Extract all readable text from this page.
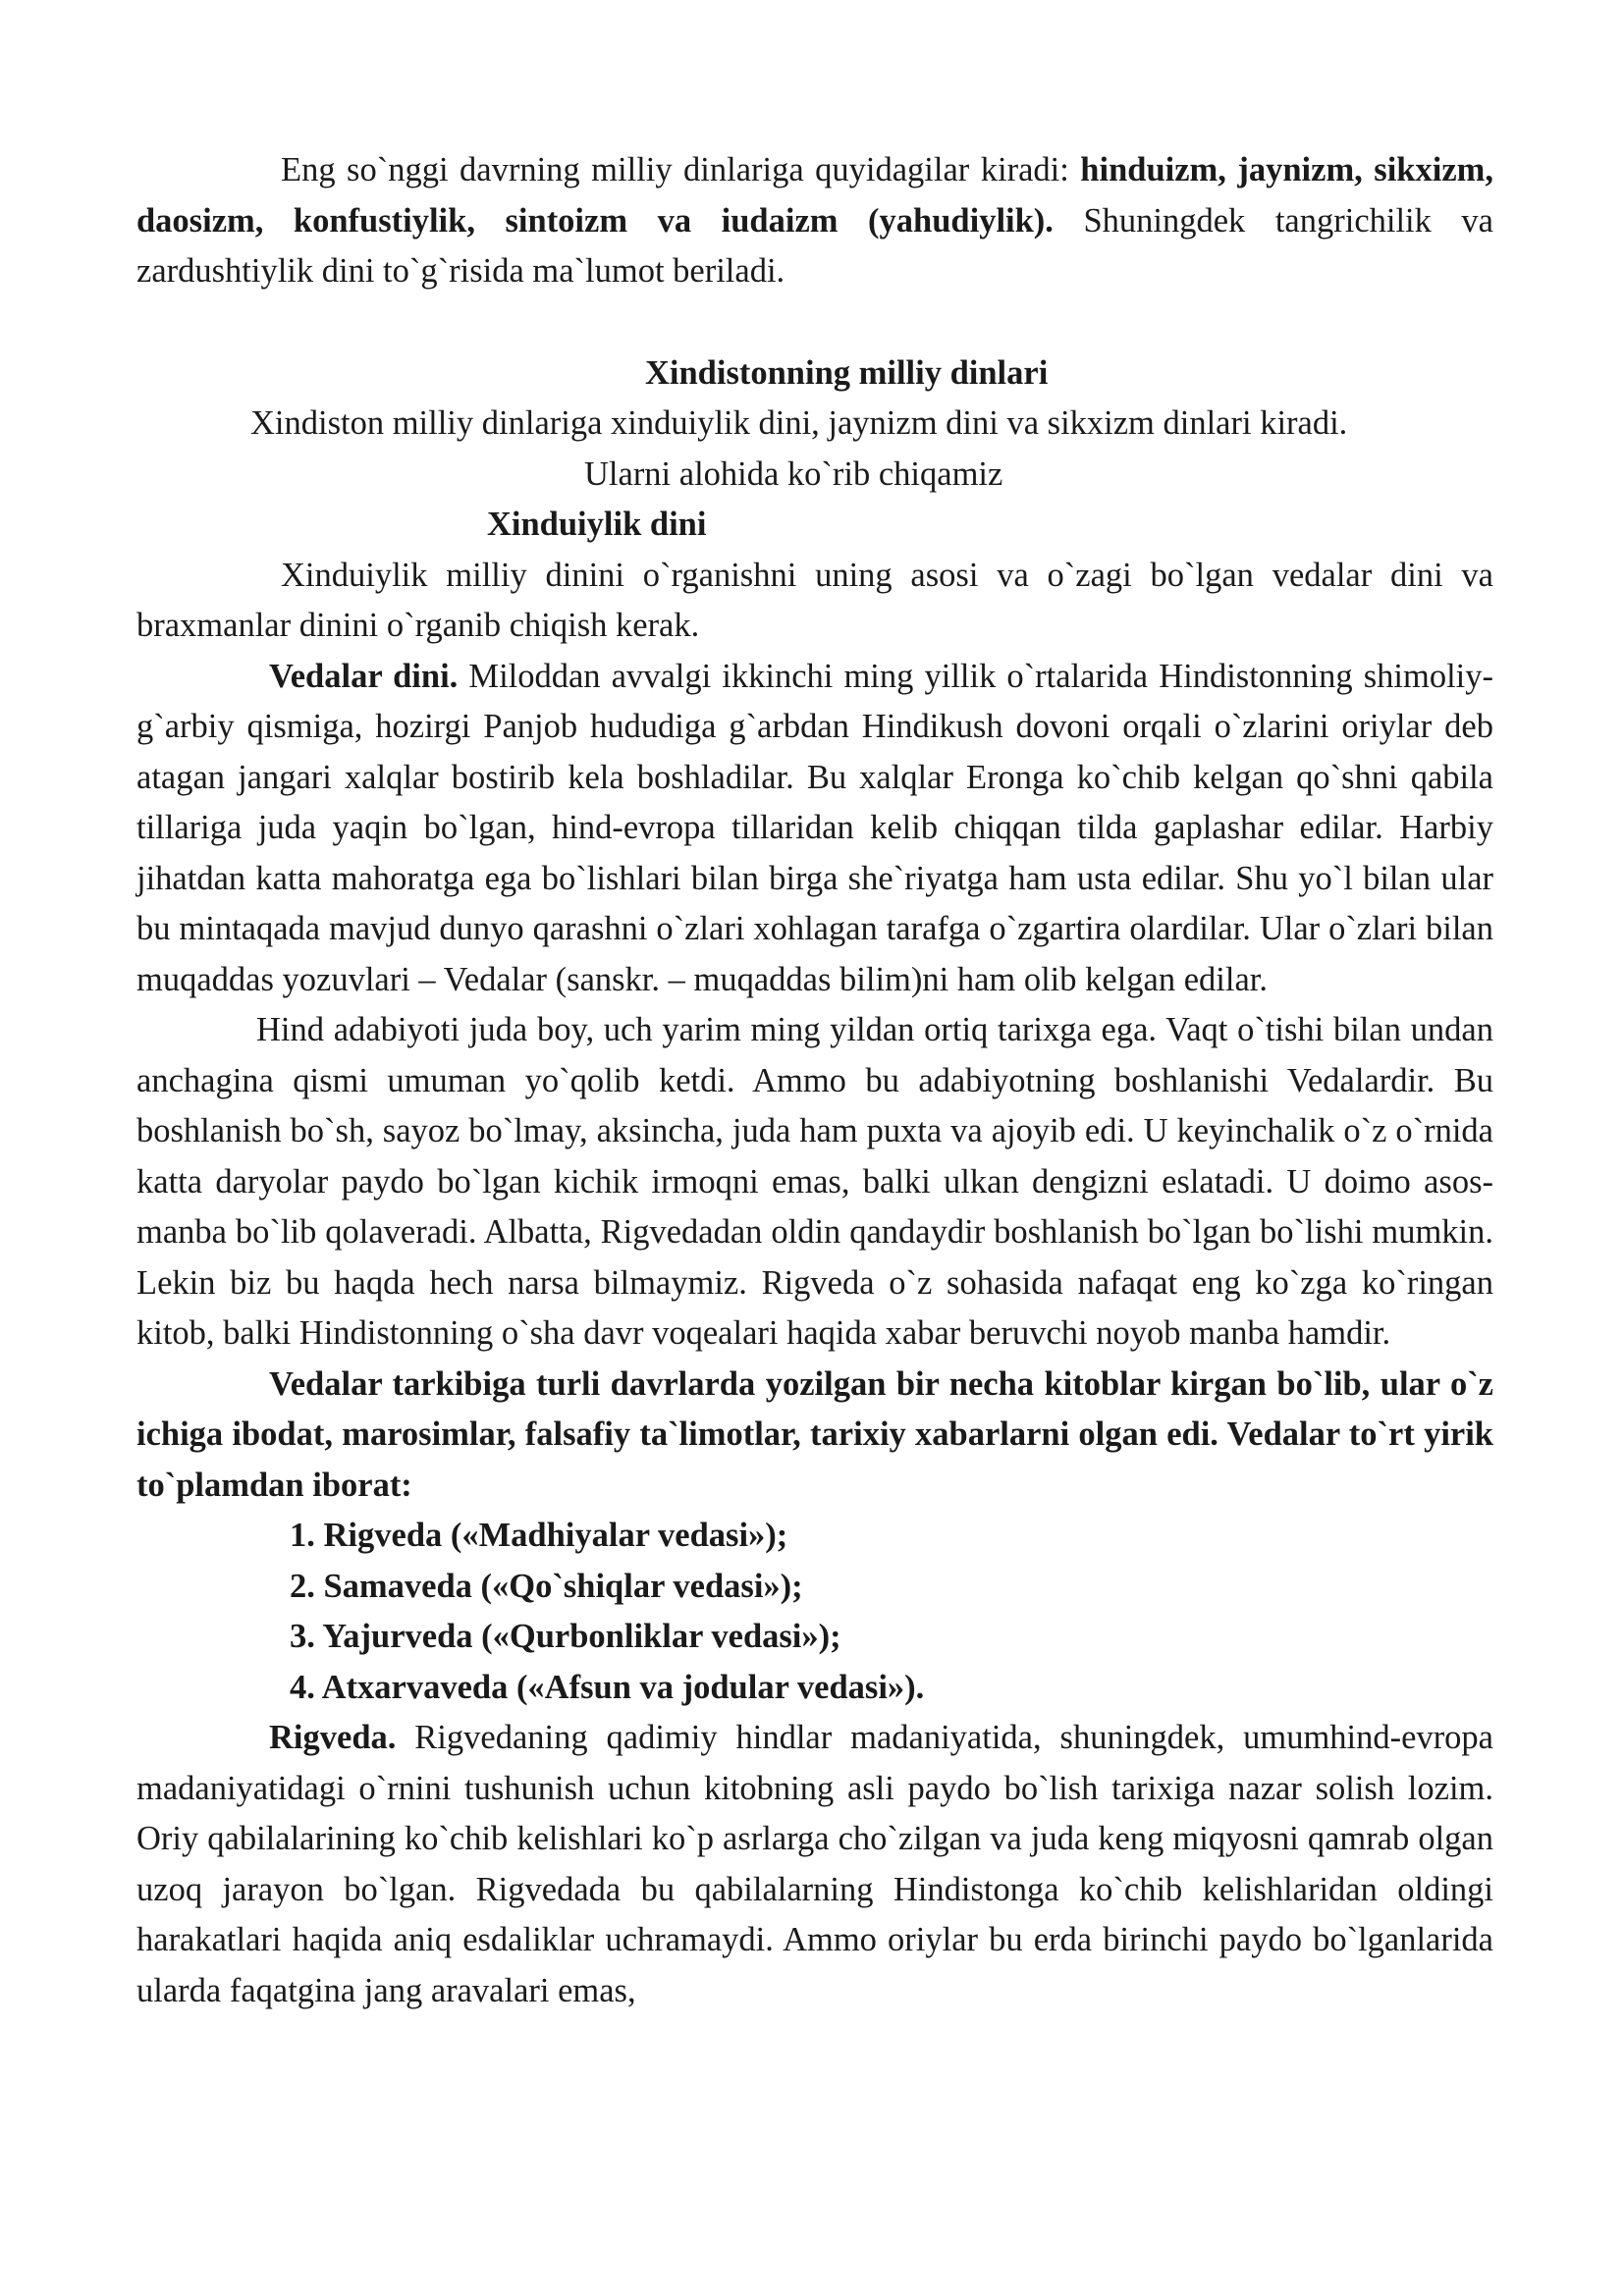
Eng so`nggi davrning milliy dinlariga quyidagilar kiradi: hinduizm, jaynizm, sikxizm, daosizm, konfustiylik, sintoizm va iudaizm (yahudiylik). Shuningdek tangrichilik va zardushtiylik dini to`g`risida ma`lumot beriladi.

Xindistonning milliy dinlari

Xindiston milliy dinlariga xinduiylik dini, jaynizm dini va sikxizm dinlari kiradi.

Ularni alohida ko`rib chiqamiz

Xinduiylik dini

Xinduiylik milliy dinini o`rganishni uning asosi va o`zagi bo`lgan vedalar dini va braxmanlar dinini o`rganib chiqish kerak.

Vedalar dini. Miloddan avvalgi ikkinchi ming yillik o`rtalarida Hindistonning shimoliy-g`arbiy qismiga, hozirgi Panjob hududiga g`arbdan Hindikush dovoni orqali o`zlarini oriylar deb atagan jangari xalqlar bostirib kela boshladilar. Bu xalqlar Eronga ko`chib kelgan qo`shni qabila tillariga juda yaqin bo`lgan, hind-evropa tillaridan kelib chiqqan tilda gaplashar edilar. Harbiy jihatdan katta mahoratga ega bo`lishlari bilan birga she`riyatga ham usta edilar. Shu yo`l bilan ular bu mintaqada mavjud dunyo qarashni o`zlari xohlagan tarafga o`zgartira olardilar. Ular o`zlari bilan muqaddas yozuvlari – Vedalar (sanskr. – muqaddas bilim)ni ham olib kelgan edilar.

Hind adabiyoti juda boy, uch yarim ming yildan ortiq tarixga ega. Vaqt o`tishi bilan undan anchagina qismi umuman yo`qolib ketdi. Ammo bu adabiyotning boshlanishi Vedalardir. Bu boshlanish bo`sh, sayoz bo`lmay, aksincha, juda ham puxta va ajoyib edi. U keyinchalik o`z o`rnida katta daryolar paydo bo`lgan kichik irmoqni emas, balki ulkan dengizni eslatadi. U doimo asos-manba bo`lib qolaveradi. Albatta, Rigvedadan oldin qandaydir boshlanish bo`lgan bo`lishi mumkin. Lekin biz bu haqda hech narsa bilmaymiz. Rigveda o`z sohasida nafaqat eng ko`zga ko`ringan kitob, balki Hindistonning o`sha davr voqealari haqida xabar beruvchi noyob manba hamdir.

Vedalar tarkibiga turli davrlarda yozilgan bir necha kitoblar kirgan bo`lib, ular o`z ichiga ibodat, marosimlar, falsafiy ta`limotlar, tarixiy xabarlarni olgan edi. Vedalar to`rt yirik to`plamdan iborat:

1. Rigveda («Madhiyalar vedasi»);
2. Samaveda («Qo`shiqlar vedasi»);
3. Yajurveda («Qurbonliklar vedasi»);
4. Atxarvaveda («Afsun va jodular vedasi»).

Rigveda. Rigvedaning qadimiy hindlar madaniyatida, shuningdek, umumhind-evropa madaniyatidagi o`rnini tushunish uchun kitobning asli paydo bo`lish tarixiga nazar solish lozim. Oriy qabilalarining ko`chib kelishlari ko`p asrlarga cho`zilgan va juda keng miqyosni qamrab olgan uzoq jarayon bo`lgan. Rigvedada bu qabilalarning Hindistonga ko`chib kelishlaridan oldingi harakatlari haqida aniq esdaliklar uchramaydi. Ammo oriylar bu erda birinchi paydo bo`lganlarida ularda faqatgina jang aravalari emas,
